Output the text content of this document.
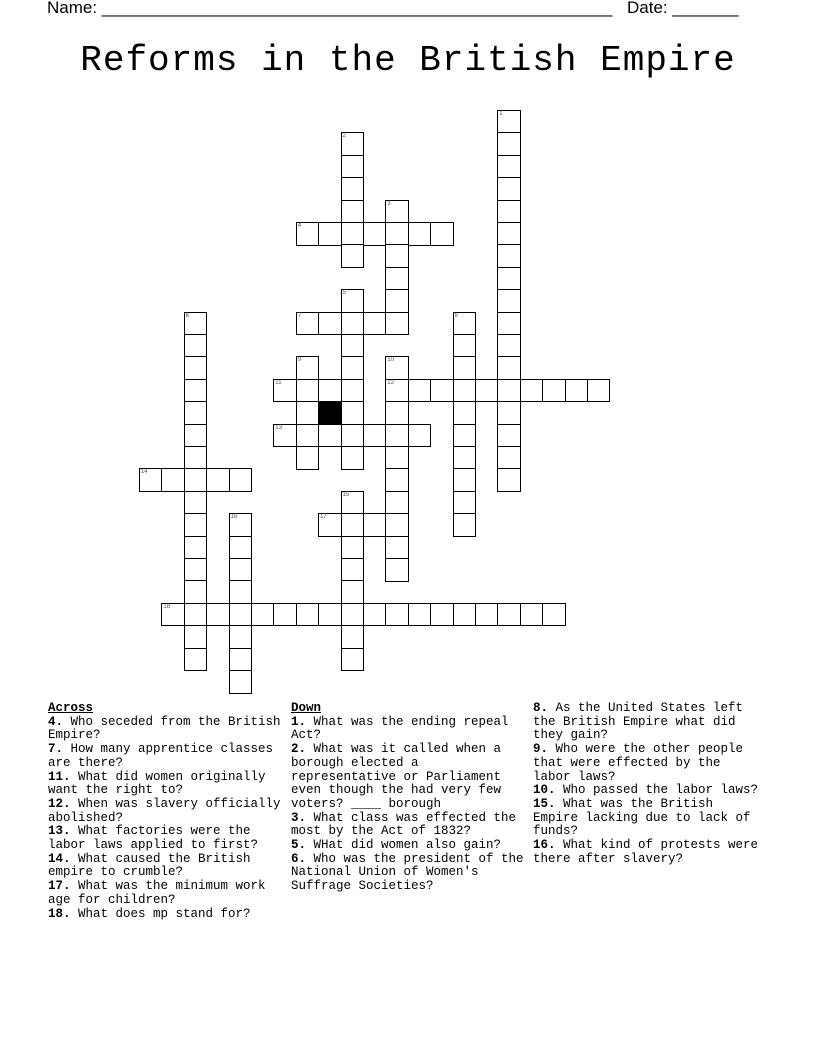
Name: ______________________________________________________ Date: _______
Reforms in the British Empire
1
2
3
4
5
6	7	8
9	10
12
11
13
14
15
16	17
18
Across
4. Who seceded from the British Empire?
7. How many apprentice classes are there?
11. What did women originally want the right to?
12. When was slavery officially abolished?
13. What factories were the labor laws applied to first?
14. What caused the British empire to crumble?
17. What was the minimum work age for children?
18. What does mp stand for?
Down
1. What was the ending repeal Act?
2. What was it called when a borough elected a representative or Parliament even though the had very few voters? ____ borough
3. What class was effected the most by the Act of 1832?
5. WHat did women also gain?
6. Who was the president of the National Union of Women's Suffrage Societies?
8. As the United States left the British Empire what did they gain?
9. Who were the other people that were effected by the labor laws?
10. Who passed the labor laws?
15. What was the British Empire lacking due to lack of funds?
16. What kind of protests were there after slavery?
